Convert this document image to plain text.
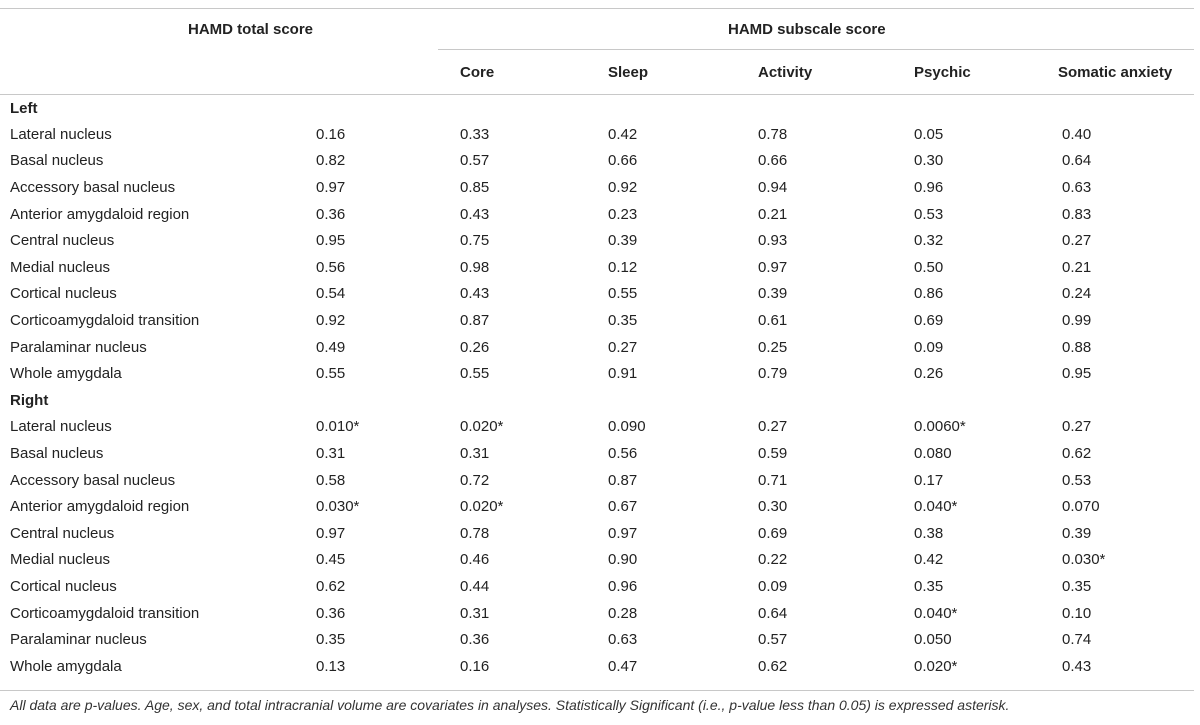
HAMD total score		HAMD subscale score				
		Core	Sleep	Activity	Psychic	Somatic anxiety
Left						
Lateral nucleus	0.16	0.33	0.42	0.78	0.05	0.40
Basal nucleus	0.82	0.57	0.66	0.66	0.30	0.64
Accessory basal nucleus	0.97	0.85	0.92	0.94	0.96	0.63
Anterior amygdaloid region	0.36	0.43	0.23	0.21	0.53	0.83
Central nucleus	0.95	0.75	0.39	0.93	0.32	0.27
Medial nucleus	0.56	0.98	0.12	0.97	0.50	0.21
Cortical nucleus	0.54	0.43	0.55	0.39	0.86	0.24
Corticoamygdaloid transition	0.92	0.87	0.35	0.61	0.69	0.99
Paralaminar nucleus	0.49	0.26	0.27	0.25	0.09	0.88
Whole amygdala	0.55	0.55	0.91	0.79	0.26	0.95
Right						
Lateral nucleus	0.010*	0.020*	0.090	0.27	0.0060*	0.27
Basal nucleus	0.31	0.31	0.56	0.59	0.080	0.62
Accessory basal nucleus	0.58	0.72	0.87	0.71	0.17	0.53
Anterior amygdaloid region	0.030*	0.020*	0.67	0.30	0.040*	0.070
Central nucleus	0.97	0.78	0.97	0.69	0.38	0.39
Medial nucleus	0.45	0.46	0.90	0.22	0.42	0.030*
Cortical nucleus	0.62	0.44	0.96	0.09	0.35	0.35
Corticoamygdaloid transition	0.36	0.31	0.28	0.64	0.040*	0.10
Paralaminar nucleus	0.35	0.36	0.63	0.57	0.050	0.74
Whole amygdala	0.13	0.16	0.47	0.62	0.020*	0.43
All data are p-values. Age, sex, and total intracranial volume are covariates in analyses. Statistically Significant (i.e., p-value less than 0.05) is expressed asterisk.
